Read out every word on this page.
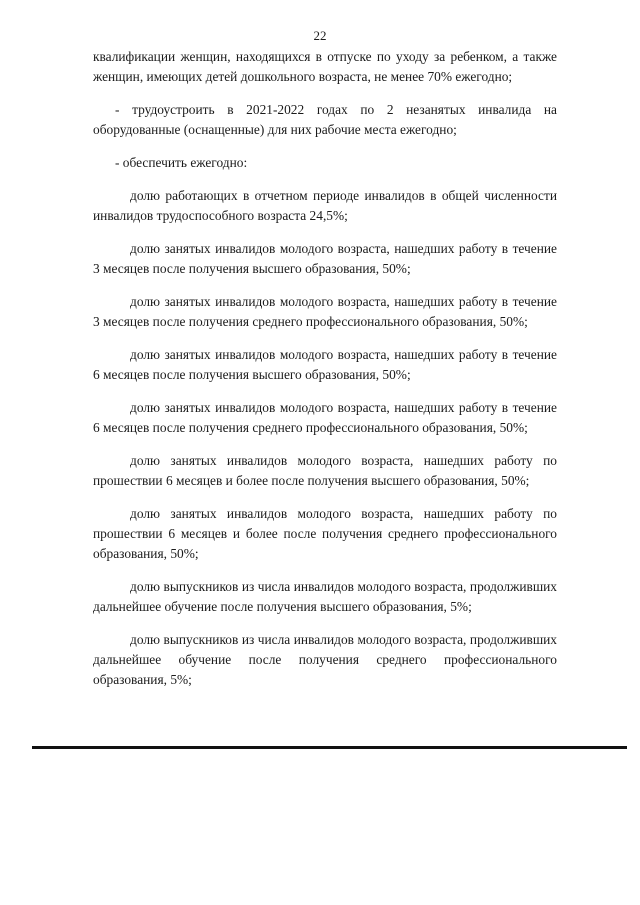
22

квалификации женщин, находящихся в отпуске по уходу за ребенком, а также женщин, имеющих детей дошкольного возраста, не менее 70% ежегодно;

- трудоустроить в 2021-2022 годах по 2 незанятых инвалида на оборудованные (оснащенные) для них рабочие места ежегодно;

- обеспечить ежегодно:

долю работающих в отчетном периоде инвалидов в общей численности инвалидов трудоспособного возраста 24,5%;

долю занятых инвалидов молодого возраста, нашедших работу в течение 3 месяцев после получения высшего образования, 50%;

долю занятых инвалидов молодого возраста, нашедших работу в течение 3 месяцев после получения среднего профессионального образования, 50%;

долю занятых инвалидов молодого возраста, нашедших работу в течение 6 месяцев после получения высшего образования, 50%;

долю занятых инвалидов молодого возраста, нашедших работу в течение 6 месяцев после получения среднего профессионального образования, 50%;

долю занятых инвалидов молодого возраста, нашедших работу по прошествии 6 месяцев и более после получения высшего образования, 50%;

долю занятых инвалидов молодого возраста, нашедших работу по прошествии 6 месяцев и более после получения среднего профессионального образования, 50%;

долю выпускников из числа инвалидов молодого возраста, продолживших дальнейшее обучение после получения высшего образования, 5%;

долю выпускников из числа инвалидов молодого возраста, продолживших дальнейшее обучение после получения среднего профессионального образования, 5%;
